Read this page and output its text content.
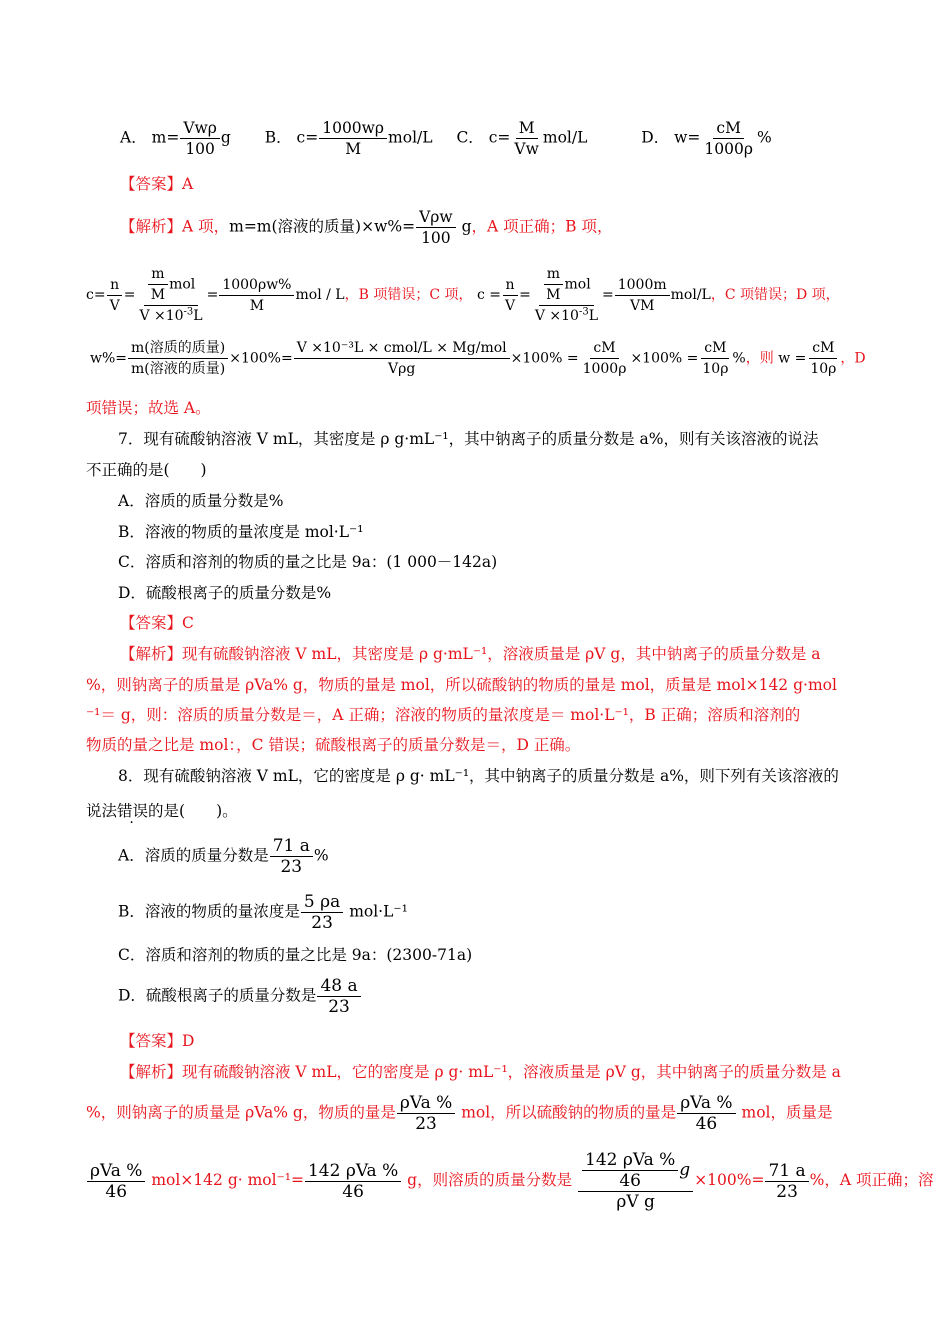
A． $m= \frac{\text{Vwρ}}{100}$ g B． $c= \frac{1000w\rho}{M} mol/L$ C． $c= \frac{M}{Vw} mol/L$	D． $w= \frac{cM}{1000\rho}$ %
【答案】A
【解析】A 项，m=m(溶液的质量)$\times w\%= \frac{\text{Vρw}}{100}$ g，A 项正确；B 项，
$c= \frac{n}{V} = \frac{\frac{m}{M} mol}{V \times 10^{-3}L} = \frac{1000\rho w\%}{M}$ mol / L，B 项错误；C 项， $c = \frac{n}{V} = \frac{\frac{m}{M} mol}{V \times 10^{-3}L} = \frac{1000m}{VM} mol/L$，C 项错误；D 项，
$w\%= \frac{\text{m(溶质的质量)}}{\text{m(溶液的质量)}} \times 100\%= \frac{\text{V ×10⁻³L × cmol/L × Mg/mol}}{\text{Vρg}} \times 100\% = \frac{cM}{1000\rho} \times 100\% = \frac{cM}{10\rho}$ %，则 $w = \frac{cM}{10\rho}$ ，D
项错误；故选 A。
7．现有硫酸钠溶液 V mL，其密度是 ρ g·mL⁻¹，其中钠离子的质量分数是 a%，则有关该溶液的说法
不正确的是(　　)
A．溶质的质量分数是%
B．溶液的物质的量浓度是 mol·L⁻¹
C．溶质和溶剂的物质的量之比是 9a：(1 000－142a)
D．硫酸根离子的质量分数是%
【答案】C
【解析】现有硫酸钠溶液 V mL，其密度是 ρ g·mL⁻¹，溶液质量是 ρV g，其中钠离子的质量分数是 a
%，则钠离子的质量是 ρVa% g，物质的量是 mol，所以硫酸钠的物质的量是 mol，质量是 mol×142 g·mol
⁻¹＝ g，则：溶质的质量分数是＝，A 正确；溶液的物质的量浓度是＝ mol·L⁻¹，B 正确；溶质和溶剂的
物质的量之比是 mol：，C 错误；硫酸根离子的质量分数是＝，D 正确。
8．现有硫酸钠溶液 V mL，它的密度是 ρ g· mL⁻¹，其中钠离子的质量分数是 a%，则下列有关该溶液的
说法错误的是(　　)。
A．溶质的质量分数是 $\frac{71 a}{23}$ %
B．溶液的物质的量浓度是 $\frac{5 \rho a}{23} mol\cdot L^{-1}$
C．溶质和溶剂的物质的量之比是 9a：(2300-71a)
D．硫酸根离子的质量分数是 $\frac{48 a}{23}$
【答案】D
【解析】现有硫酸钠溶液 V mL，它的密度是 ρ g· mL⁻¹，溶液质量是 ρV g，其中钠离子的质量分数是 a
%，则钠离子的质量是 ρVa% g，物质的量是 $\frac{\text{ρVa \%}}{23}$ mol，所以硫酸钠的物质的量是 $\frac{\text{ρVa \%}}{46}$ mol，质量是
$\frac{\text{ρVa \%}}{46} mol\times 142$ $g\cdot mol^{-1}= \frac{\text{142 ρVa \%}}{46}$ g，则溶质的质量分数是 $\frac{\frac{\text{142 ρVa \%}}{46} g}{\text{ρV g}} \times 100\%= \frac{71 a}{23}$ %，A 项正确；溶
